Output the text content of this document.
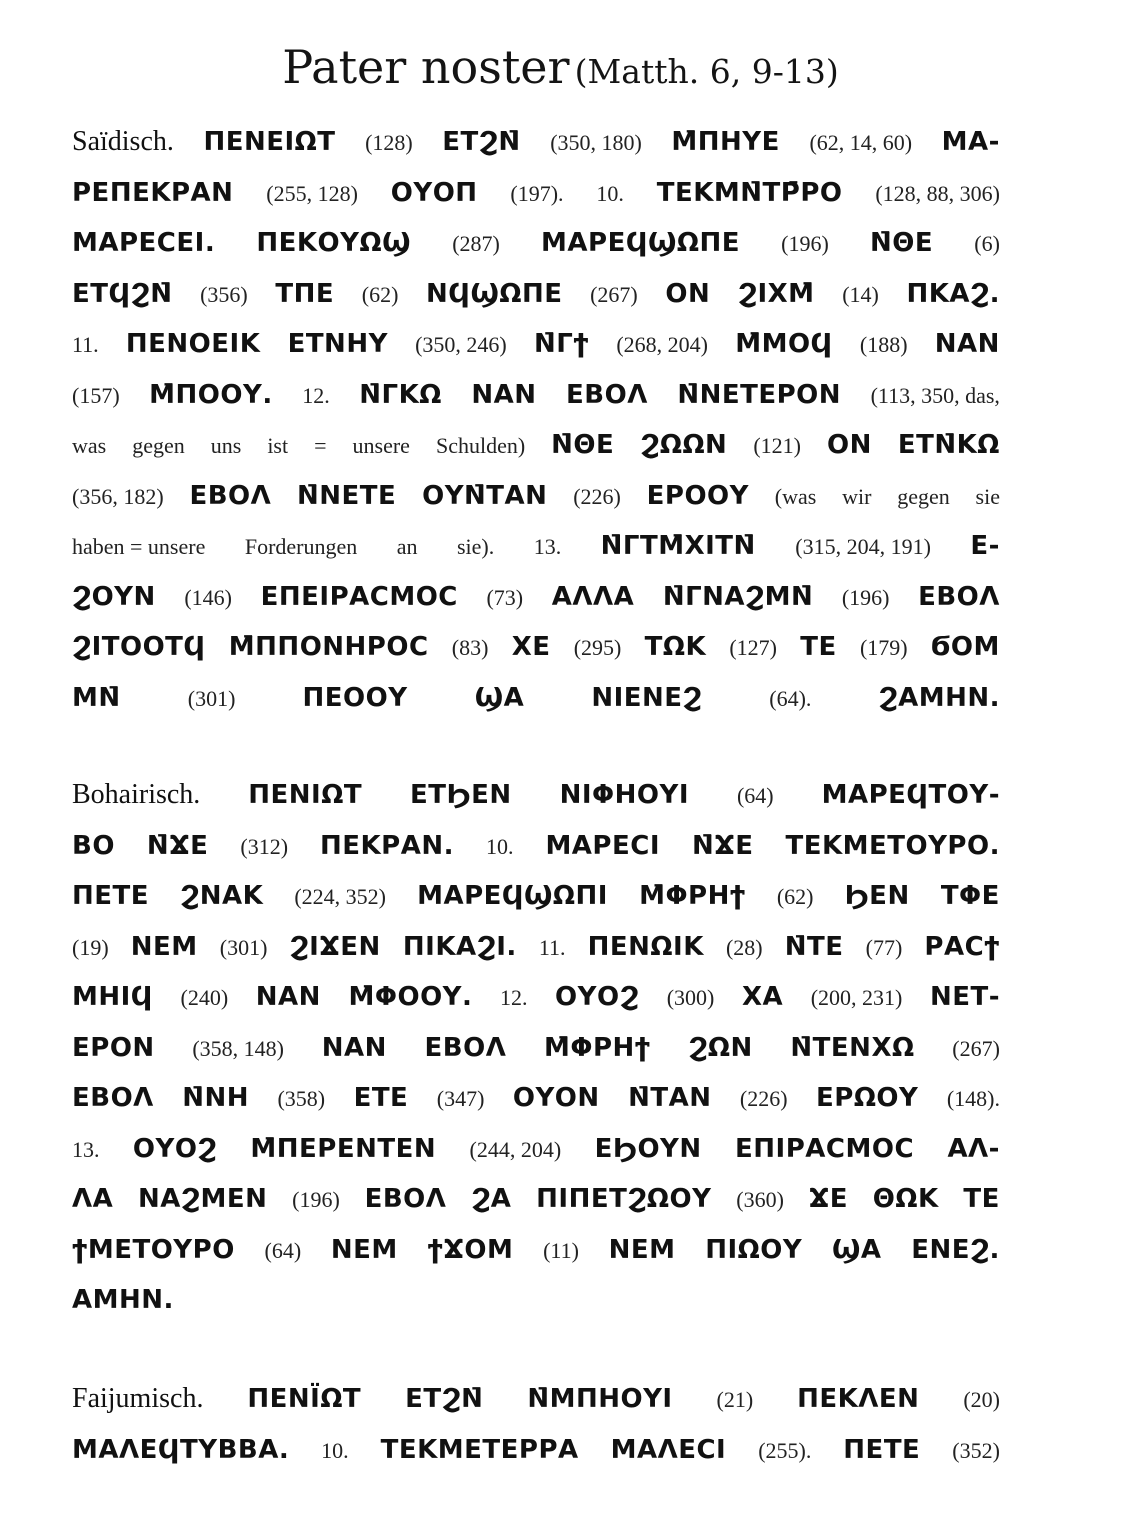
Pater noster (Matth. 6, 9-13)
Saïdisch. ΠΕΝΕΙΩΤ (128) ΕΤϨΝ̄ (350, 180) Μ̄ΠΗΥΕ (62, 14, 60) ΜΑ-
ΡΕΠΕΚΡΑΝ (255, 128) ΟΥΟΠ (197). 10. ΤΕΚΜΝ̄ΤΡ̄ΡΟ (128, 88, 306)
ΜΑΡΕϹΕΙ. ΠΕΚΟΥΩϢ (287) ΜΑΡΕϤϢΩΠΕ (196) Ν̄ΘΕ (6)
ΕΤϤϨΝ̄ (356) ΤΠΕ (62) ΝϤϢΩΠΕ (267) ΟΝ ϨΙΧΜ̄ (14) ΠΚΑϨ.
11. ΠΕΝΟΕΙΚ ΕΤΝΗΥ (350, 246) Ν̄Γϯ (268, 204) Μ̄ΜΟϤ (188) ΝΑΝ
(157) Μ̄ΠΟΟΥ. 12. Ν̄ΓΚΩ ΝΑΝ ΕΒΟΛ Ν̄ΝΕΤΕΡΟΝ (113, 350, das,
was gegen uns ist = unsere Schulden) Ν̄ΘΕ ϨΩΩΝ (121) ΟΝ ΕΤΝ̄ΚΩ
(356, 182) ΕΒΟΛ Ν̄ΝΕΤΕ ΟΥΝ̄ΤΑΝ (226) ΕΡΟΟΥ (was wir gegen sie
haben = unsere Forderungen an sie). 13. Ν̄ΓΤΜ̄ΧΙΤΝ̄ (315, 204, 191) Ε-
ϨΟΥΝ (146) ΕΠΕΙΡΑϹΜΟϹ (73) ΑΛΛΑ Ν̄ΓΝΑϨΜΝ̄ (196) ΕΒΟΛ
ϨΙΤΟΟΤϤ Μ̄ΠΠΟΝΗΡΟϹ (83) ΧΕ (295) ΤΩΚ (127) ΤΕ (179) ϬΟΜ
ΜΝ̄	(301)	ΠΕΟΟΥ	ϢΑ	ΝΙΕΝΕϨ	(64).	ϨΑΜΗΝ.
Bohairisch. ΠΕΝΙΩΤ ΕΤϦΕΝ ΝΙΦΗΟΥΙ (64) ΜΑΡΕϤΤΟΥ-
ΒΟ Ν̄ϪΕ (312) ΠΕΚΡΑΝ. 10. ΜΑΡΕϹΙ Ν̄ϪΕ ΤΕΚΜΕΤΟΥΡΟ.
ΠΕΤΕ ϨΝΑΚ (224, 352) ΜΑΡΕϤϢΩΠΙ Μ̄ΦΡΗϯ (62) ϦΕΝ ΤΦΕ
(19) ΝΕΜ (301) ϨΙϪΕΝ ΠΙΚΑϨΙ. 11. ΠΕΝΩΙΚ (28) Ν̄ΤΕ (77) ΡΑϹϯ
ΜΗΙϤ (240) ΝΑΝ Μ̄ΦΟΟΥ. 12. ΟΥΟϨ (300) ΧΑ (200, 231) ΝΕΤ-
ΕΡΟΝ (358, 148) ΝΑΝ ΕΒΟΛ Μ̄ΦΡΗϯ ϨΩΝ Ν̄ΤΕΝΧΩ (267)
ΕΒΟΛ Ν̄ΝΗ (358) ΕΤΕ (347) ΟΥΟΝ Ν̄ΤΑΝ (226) ΕΡΩΟΥ (148).
13. ΟΥΟϨ Μ̄ΠΕΡΕΝΤΕΝ (244, 204) ΕϦΟΥΝ ΕΠΙΡΑϹΜΟϹ ΑΛ-
ΛΑ ΝΑϨΜΕΝ (196) ΕΒΟΛ ϨΑ ΠΙΠΕΤϨΩΟΥ (360) ϪΕ ΘΩΚ ΤΕ
ϯΜΕΤΟΥΡΟ (64) ΝΕΜ ϯϪΟΜ (11) ΝΕΜ ΠΙΩΟΥ ϢΑ ΕΝΕϨ.
ΑΜΗΝ.
Faijumisch. ΠΕΝΪΩΤ ΕΤϨΝ̄ Ν̄ΜΠΗΟΥΙ (21) ΠΕΚΛΕΝ (20)
ΜΑΛΕϤΤΥΒΒΑ. 10. ΤΕΚΜΕΤΕΡΡΑ ΜΑΛΕϹΙ (255). ΠΕΤΕ (352)
